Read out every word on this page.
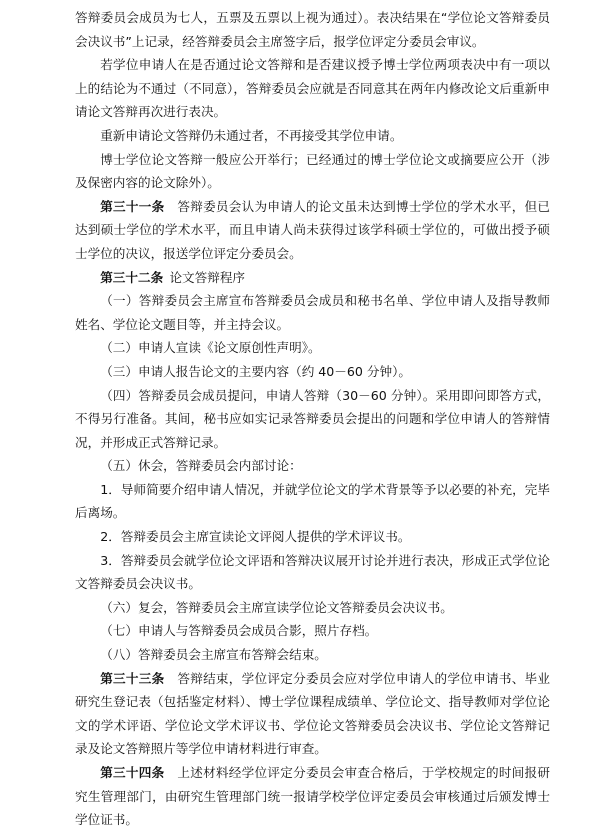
答辩委员会成员为七人，五票及五票以上视为通过）。表决结果在“学位论文答辩委员会决议书”上记录，经答辩委员会主席签字后，报学位评定分委员会审议。

若学位申请人在是否通过论文答辩和是否建议授予博士学位两项表决中有一项以上的结论为不通过（不同意），答辩委员会应就是否同意其在两年内修改论文后重新申请论文答辩再次进行表决。

重新申请论文答辩仍未通过者，不再接受其学位申请。

博士学位论文答辩一般应公开举行；已经通过的博士学位论文或摘要应公开（涉及保密内容的论文除外）。

第三十一条  答辩委员会认为申请人的论文虽未达到博士学位的学术水平，但已达到硕士学位的学术水平，而且申请人尚未获得过该学科硕士学位的，可做出授予硕士学位的决议，报送学位评定分委员会。

第三十二条  论文答辩程序

（一）答辩委员会主席宣布答辩委员会成员和秘书名单、学位申请人及指导教师姓名、学位论文题目等，并主持会议。

（二）申请人宣读《论文原创性声明》。

（三）申请人报告论文的主要内容（约 40－60 分钟）。

（四）答辩委员会成员提问，申请人答辩（30－60 分钟）。采用即问即答方式，不得另行准备。其间，秘书应如实记录答辩委员会提出的问题和学位申请人的答辩情况，并形成正式答辩记录。

（五）休会，答辩委员会内部讨论：

1．导师简要介绍申请人情况，并就学位论文的学术背景等予以必要的补充，完毕后离场。

2．答辩委员会主席宣读论文评阅人提供的学术评议书。

3．答辩委员会就学位论文评语和答辩决议展开讨论并进行表决，形成正式学位论文答辩委员会决议书。

（六）复会，答辩委员会主席宣读学位论文答辩委员会决议书。

（七）申请人与答辩委员会成员合影，照片存档。

（八）答辩委员会主席宣布答辩会结束。

第三十三条  答辩结束，学位评定分委员会应对学位申请人的学位申请书、毕业研究生登记表（包括鉴定材料）、博士学位课程成绩单、学位论文、指导教师对学位论文的学术评语、学位论文学术评议书、学位论文答辩委员会决议书、学位论文答辩记录及论文答辩照片等学位申请材料进行审查。

第三十四条  上述材料经学位评定分委员会审查合格后，于学校规定的时间报研究生管理部门，由研究生管理部门统一报请学校学位评定委员会审核通过后颁发博士学位证书。
